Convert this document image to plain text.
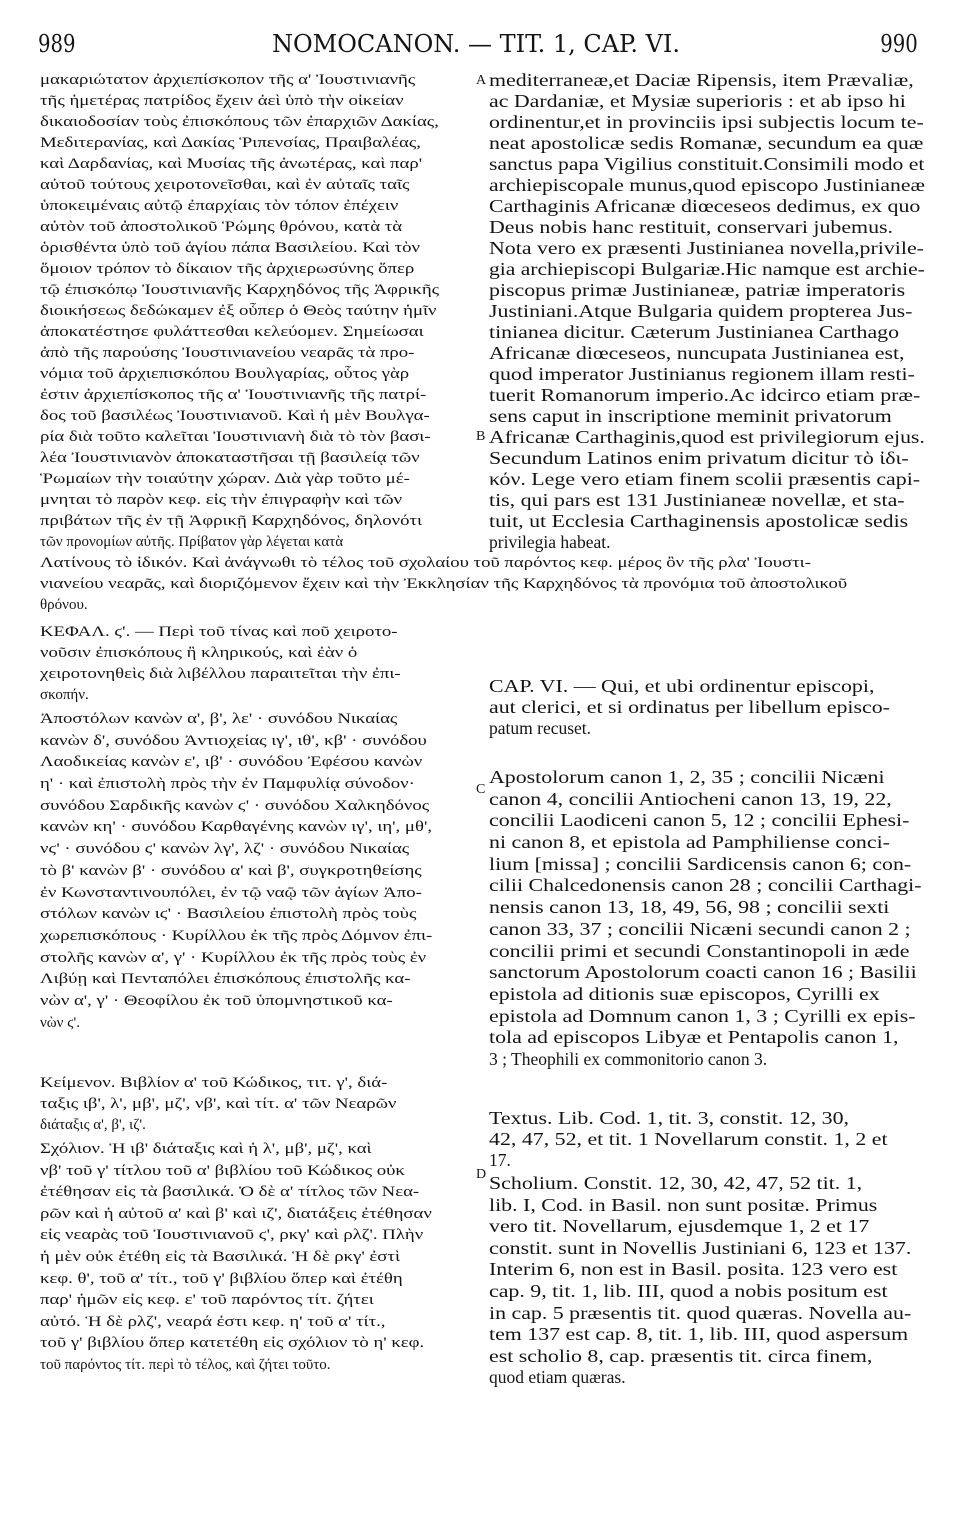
989	NOMOCANON. — TIT. 1, CAP. VI.	990
A
B
C
D
μακαριώτατον ἀρχιεπίσκοπον τῆς α' Ἰουστινιανῆς
τῆς ἡμετέρας πατρίδος ἔχειν ἀεὶ ὑπὸ τὴν οἰκείαν
δικαιοδοσίαν τοὺς ἐπισκόπους τῶν ἐπαρχιῶν Δακίας,
Μεδιτερανίας, καὶ Δακίας Ῥιπενσίας, Πραιβαλέας,
καὶ Δαρδανίας, καὶ Μυσίας τῆς ἀνωτέρας, καὶ παρ'
αὐτοῦ τούτους χειροτονεῖσθαι, καὶ ἐν αὐταῖς ταῖς
ὑποκειμέναις αὐτῷ ἐπαρχίαις τὸν τόπον ἐπέχειν
αὐτὸν τοῦ ἀποστολικοῦ Ῥώμης θρόνου, κατὰ τὰ
ὁρισθέντα ὑπὸ τοῦ ἁγίου πάπα Βασιλείου. Καὶ τὸν
ὅμοιον τρόπον τὸ δίκαιον τῆς ἀρχιερωσύνης ὅπερ
τῷ ἐπισκόπῳ Ἰουστινιανῆς Καρχηδόνος τῆς Ἀφρικῆς
διοικήσεως δεδώκαμεν ἐξ οὗπερ ὁ Θεὸς ταύτην ἡμῖν
ἀποκατέστησε φυλάττεσθαι κελεύομεν. Σημείωσαι
ἀπὸ τῆς παρούσης Ἰουστινιανείου νεαρᾶς τὰ προ-
νόμια τοῦ ἀρχιεπισκόπου Βουλγαρίας, οὗτος γὰρ
ἐστιν ἀρχιεπίσκοπος τῆς α' Ἰουστινιανῆς τῆς πατρί-
δος τοῦ βασιλέως Ἰουστινιανοῦ. Καὶ ἡ μὲν Βουλγα-
ρία διὰ τοῦτο καλεῖται Ἰουστινιανὴ διὰ τὸ τὸν βασι-
λέα Ἰουστινιανὸν ἀποκαταστῆσαι τῇ βασιλείᾳ τῶν
Ῥωμαίων τὴν τοιαύτην χώραν. Διὰ γὰρ τοῦτο μέ-
μνηται τὸ παρὸν κεφ. εἰς τὴν ἐπιγραφὴν καὶ τῶν
πριβάτων τῆς ἐν τῇ Ἀφρικῇ Καρχηδόνος, δηλονότι
τῶν προνομίων αὐτῆς. Πρίβατον γὰρ λέγεται κατὰ
mediterraneæ,et Daciæ Ripensis, item Prævaliæ,
ac Dardaniæ, et Mysiæ superioris : et ab ipso hi
ordinentur,et in provinciis ipsi subjectis locum te-
neat apostolicæ sedis Romanæ, secundum ea quæ
sanctus papa Vigilius constituit.Consimili modo et
archiepiscopale munus,quod episcopo Justinianeæ
Carthaginis Africanæ diœceseos dedimus, ex quo
Deus nobis hanc restituit, conservari jubemus.
Nota vero ex præsenti Justinianea novella,privile-
gia archiepiscopi Bulgariæ.Hic namque est archie-
piscopus primæ Justinianeæ, patriæ imperatoris
Justiniani.Atque Bulgaria quidem propterea Jus-
tinianea dicitur. Cæterum Justinianea Carthago
Africanæ diœceseos, nuncupata Justinianea est,
quod imperator Justinianus regionem illam resti-
tuerit Romanorum imperio.Ac idcirco etiam præ-
sens caput in inscriptione meminit privatorum
Africanæ Carthaginis,quod est privilegiorum ejus.
Secundum Latinos enim privatum dicitur τὸ ἰδι-
κόν. Lege vero etiam finem scolii præsentis capi-
tis, qui pars est 131 Justinianeæ novellæ, et sta-
tuit, ut Ecclesia Carthaginensis apostolicæ sedis
privilegia habeat.
Λατίνους τὸ ἰδικόν. Καὶ ἀνάγνωθι τὸ τέλος τοῦ σχολαίου τοῦ παρόντος κεφ. μέρος ὂν τῆς ρλα' Ἰουστι-
νιανείου νεαρᾶς, καὶ διοριζόμενον ἔχειν καὶ τὴν Ἐκκλησίαν τῆς Καρχηδόνος τὰ προνόμια τοῦ ἀποστολικοῦ
θρόνου.
ΚΕΦΑΛ. ϛ'. — Περὶ τοῦ τίνας καὶ ποῦ χειροτο-
νοῦσιν ἐπισκόπους ἢ κληρικούς, καὶ ἐὰν ὁ
χειροτονηθεὶς διὰ λιβέλλου παραιτεῖται τὴν ἐπι-
σκοπήν.	CAP. VI. — Qui, et ubi ordinentur episcopi,
aut clerici, et si ordinatus per libellum episco-
patum recuset.
Ἀποστόλων κανὼν α', β', λε' · συνόδου Νικαίας
κανὼν δ', συνόδου Ἀντιοχείας ιγ', ιθ', κβ' · συνόδου
Λαοδικείας κανὼν ε', ιβ' · συνόδου Ἐφέσου κανὼν
η' · καὶ ἐπιστολὴ πρὸς τὴν ἐν Παμφυλίᾳ σύνοδον·
συνόδου Σαρδικῆς κανὼν ϛ' · συνόδου Χαλκηδόνος
κανὼν κη' · συνόδου Καρθαγένης κανὼν ιγ', ιη', μθ',
νϛ' · συνόδου ϛ' κανὼν λγ', λζ' · συνόδου Νικαίας
τὸ β' κανὼν β' · συνόδου α' καὶ β', συγκροτηθείσης
ἐν Κωνσταντινουπόλει, ἐν τῷ ναῷ τῶν ἁγίων Ἀπο-
στόλων κανὼν ιϛ' · Βασιλείου ἐπιστολὴ πρὸς τοὺς
χωρεπισκόπους · Κυρίλλου ἐκ τῆς πρὸς Δόμνον ἐπι-
στολῆς κανὼν α', γ' · Κυρίλλου ἐκ τῆς πρὸς τοὺς ἐν
Λιβύῃ καὶ Πενταπόλει ἐπισκόπους ἐπιστολῆς κα-
νὼν α', γ' · Θεοφίλου ἐκ τοῦ ὑπομνηστικοῦ κα-
νὼν ϛ'.
Apostolorum canon 1, 2, 35 ; concilii Nicæni
canon 4, concilii Antiocheni canon 13, 19, 22,
concilii Laodiceni canon 5, 12 ; concilii Ephesi-
ni canon 8, et epistola ad Pamphiliense conci-
lium [missa] ; concilii Sardicensis canon 6; con-
cilii Chalcedonensis canon 28 ; concilii Carthagi-
nensis canon 13, 18, 49, 56, 98 ; concilii sexti
canon 33, 37 ; concilii Nicæni secundi canon 2 ;
concilii primi et secundi Constantinopoli in æde
sanctorum Apostolorum coacti canon 16 ; Basilii
epistola ad ditionis suæ episcopos, Cyrilli ex
epistola ad Domnum canon 1, 3 ; Cyrilli ex epis-
tola ad episcopos Libyæ et Pentapolis canon 1,
3 ; Theophili ex commonitorio canon 3.
Κείμενον. Βιβλίον α' τοῦ Κώδικος, τιτ. γ', διά-
ταξις ιβ', λ', μβ', μζ', νβ', καὶ τίτ. α' τῶν Νεαρῶν
διάταξις α', β', ιζ'.	Textus. Lib. Cod. 1, tit. 3, constit. 12, 30,
42, 47, 52, et tit. 1 Novellarum constit. 1, 2 et
17.
Σχόλιον. Ἡ ιβ' διάταξις καὶ ἡ λ', μβ', μζ', καὶ
νβ' τοῦ γ' τίτλου τοῦ α' βιβλίου τοῦ Κώδικος οὐκ
ἐτέθησαν εἰς τὰ βασιλικά. Ὁ δὲ α' τίτλος τῶν Νεα-
ρῶν καὶ ἡ αὐτοῦ α' καὶ β' καὶ ιζ', διατάξεις ἐτέθησαν
εἰς νεαρὰς τοῦ Ἰουστινιανοῦ ϛ', ρκγ' καὶ ρλζ'. Πλὴν
ἡ μὲν οὐκ ἐτέθη εἰς τὰ Βασιλικά. Ἡ δὲ ρκγ' ἐστὶ
κεφ. θ', τοῦ α' τίτ., τοῦ γ' βιβλίου ὅπερ καὶ ἐτέθη
παρ' ἡμῶν εἰς κεφ. ε' τοῦ παρόντος τίτ. ζήτει
αὐτό. Ἡ δὲ ρλζ', νεαρά ἐστι κεφ. η' τοῦ α' τίτ.,
τοῦ γ' βιβλίου ὅπερ κατετέθη εἰς σχόλιον τὸ η' κεφ.
τοῦ παρόντος τίτ. περὶ τὸ τέλος, καὶ ζήτει τοῦτο.
Scholium. Constit. 12, 30, 42, 47, 52 tit. 1,
lib. I, Cod. in Basil. non sunt positæ. Primus
vero tit. Novellarum, ejusdemque 1, 2 et 17
constit. sunt in Novellis Justiniani 6, 123 et 137.
Interim 6, non est in Basil. posita. 123 vero est
cap. 9, tit. 1, lib. III, quod a nobis positum est
in cap. 5 præsentis tit. quod quæras. Novella au-
tem 137 est cap. 8, tit. 1, lib. III, quod aspersum
est scholio 8, cap. præsentis tit. circa finem,
quod etiam quæras.
